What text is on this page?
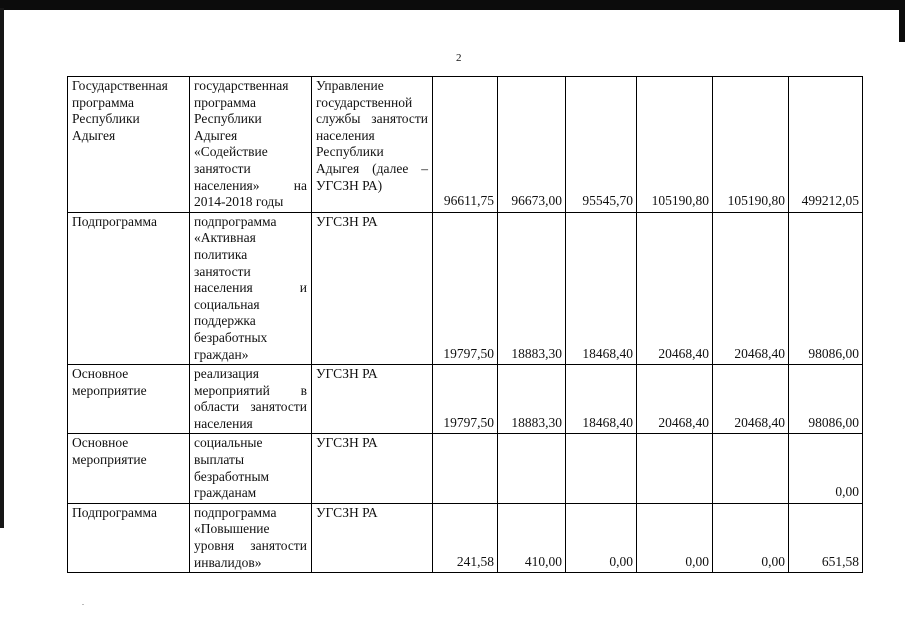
2
Государственная программа Республики Адыгея	государственная программа Республики Адыгея «Содействие занятости населения» на 2014-2018 годы	Управление государственной службы занятости населения Республики Адыгея (далее – УГСЗН РА)	96611,75	96673,00	95545,70	105190,80	105190,80	499212,05
Подпрограмма	подпрограмма «Активная политика занятости населения и социальная поддержка безработных граждан»	УГСЗН РА	19797,50	18883,30	18468,40	20468,40	20468,40	98086,00
Основное мероприятие	реализация мероприятий в области занятости населения	УГСЗН РА	19797,50	18883,30	18468,40	20468,40	20468,40	98086,00
Основное мероприятие	социальные выплаты безработным гражданам	УГСЗН РА						0,00
Подпрограмма	подпрограмма «Повышение уровня занятости инвалидов»	УГСЗН РА	241,58	410,00	0,00	0,00	0,00	651,58
